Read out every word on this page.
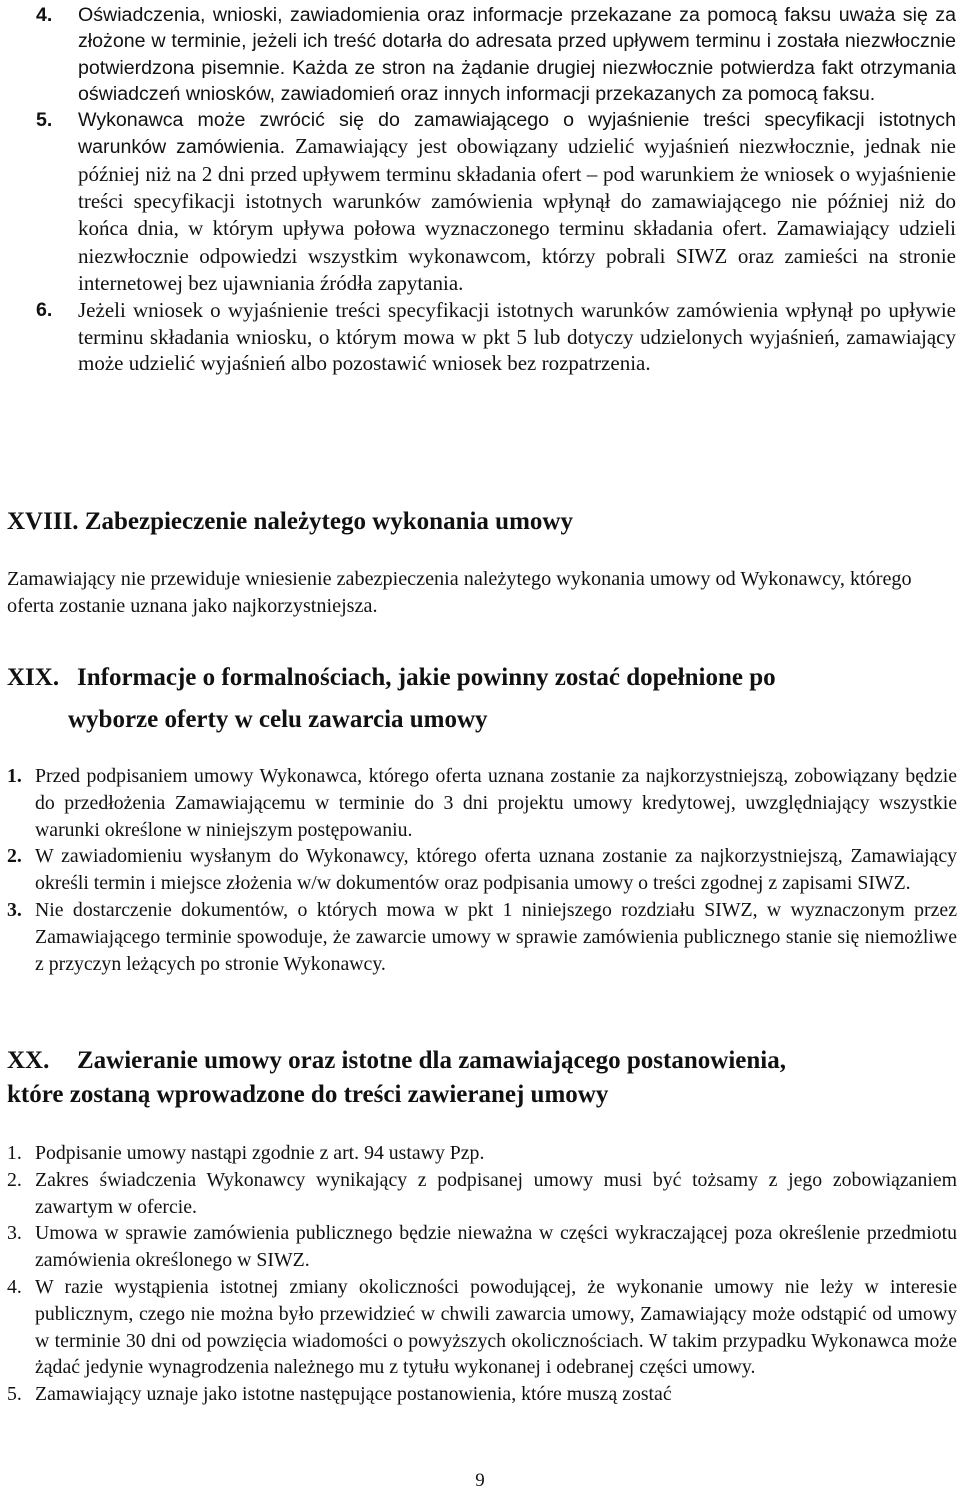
4. Oświadczenia, wnioski, zawiadomienia oraz informacje przekazane za pomocą faksu uważa się za złożone w terminie, jeżeli ich treść dotarła do adresata przed upływem terminu i została niezwłocznie potwierdzona pisemnie. Każda ze stron na żądanie drugiej niezwłocznie potwierdza fakt otrzymania oświadczeń wniosków, zawiadomień oraz innych informacji przekazanych za pomocą faksu.
5. Wykonawca może zwrócić się do zamawiającego o wyjaśnienie treści specyfikacji istotnych warunków zamówienia. Zamawiający jest obowiązany udzielić wyjaśnień niezwłocznie, jednak nie później niż na 2 dni przed upływem terminu składania ofert – pod warunkiem że wniosek o wyjaśnienie treści specyfikacji istotnych warunków zamówienia wpłynął do zamawiającego nie później niż do końca dnia, w którym upływa połowa wyznaczonego terminu składania ofert. Zamawiający udzieli niezwłocznie odpowiedzi wszystkim wykonawcom, którzy pobrali SIWZ oraz zamieści na stronie internetowej bez ujawniania źródła zapytania.
6. Jeżeli wniosek o wyjaśnienie treści specyfikacji istotnych warunków zamówienia wpłynął po upływie terminu składania wniosku, o którym mowa w pkt 5 lub dotyczy udzielonych wyjaśnień, zamawiający może udzielić wyjaśnień albo pozostawić wniosek bez rozpatrzenia.
XVIII. Zabezpieczenie należytego wykonania umowy
Zamawiający nie przewiduje wniesienie zabezpieczenia należytego wykonania umowy od Wykonawcy, którego oferta zostanie uznana jako najkorzystniejsza.
XIX. Informacje o formalnościach, jakie powinny zostać dopełnione po
wyborze oferty w celu zawarcia umowy
1. Przed podpisaniem umowy Wykonawca, którego oferta uznana zostanie za najkorzystniejszą, zobowiązany będzie do przedłożenia Zamawiającemu w terminie do 3 dni projektu umowy kredytowej, uwzględniający wszystkie warunki określone w niniejszym postępowaniu.
2. W zawiadomieniu wysłanym do Wykonawcy, którego oferta uznana zostanie za najkorzystniejszą, Zamawiający określi termin i miejsce złożenia w/w dokumentów oraz podpisania umowy o treści zgodnej z zapisami SIWZ.
3. Nie dostarczenie dokumentów, o których mowa w pkt 1 niniejszego rozdziału SIWZ, w wyznaczonym przez Zamawiającego terminie spowoduje, że zawarcie umowy w sprawie zamówienia publicznego stanie się niemożliwe z przyczyn leżących po stronie Wykonawcy.
XX. Zawieranie umowy oraz istotne dla zamawiającego postanowienia,
które zostaną wprowadzone do treści zawieranej umowy
1. Podpisanie umowy nastąpi zgodnie z art. 94 ustawy Pzp.
2. Zakres świadczenia Wykonawcy wynikający z podpisanej umowy musi być tożsamy z jego zobowiązaniem zawartym w ofercie.
3. Umowa w sprawie zamówienia publicznego będzie nieważna w części wykraczającej poza określenie przedmiotu zamówienia określonego w SIWZ.
4. W razie wystąpienia istotnej zmiany okoliczności powodującej, że wykonanie umowy nie leży w interesie publicznym, czego nie można było przewidzieć w chwili zawarcia umowy, Zamawiający może odstąpić od umowy w terminie 30 dni od powzięcia wiadomości o powyższych okolicznościach. W takim przypadku Wykonawca może żądać jedynie wynagrodzenia należnego mu z tytułu wykonanej i odebranej części umowy.
5. Zamawiający uznaje jako istotne następujące postanowienia, które muszą zostać
9
